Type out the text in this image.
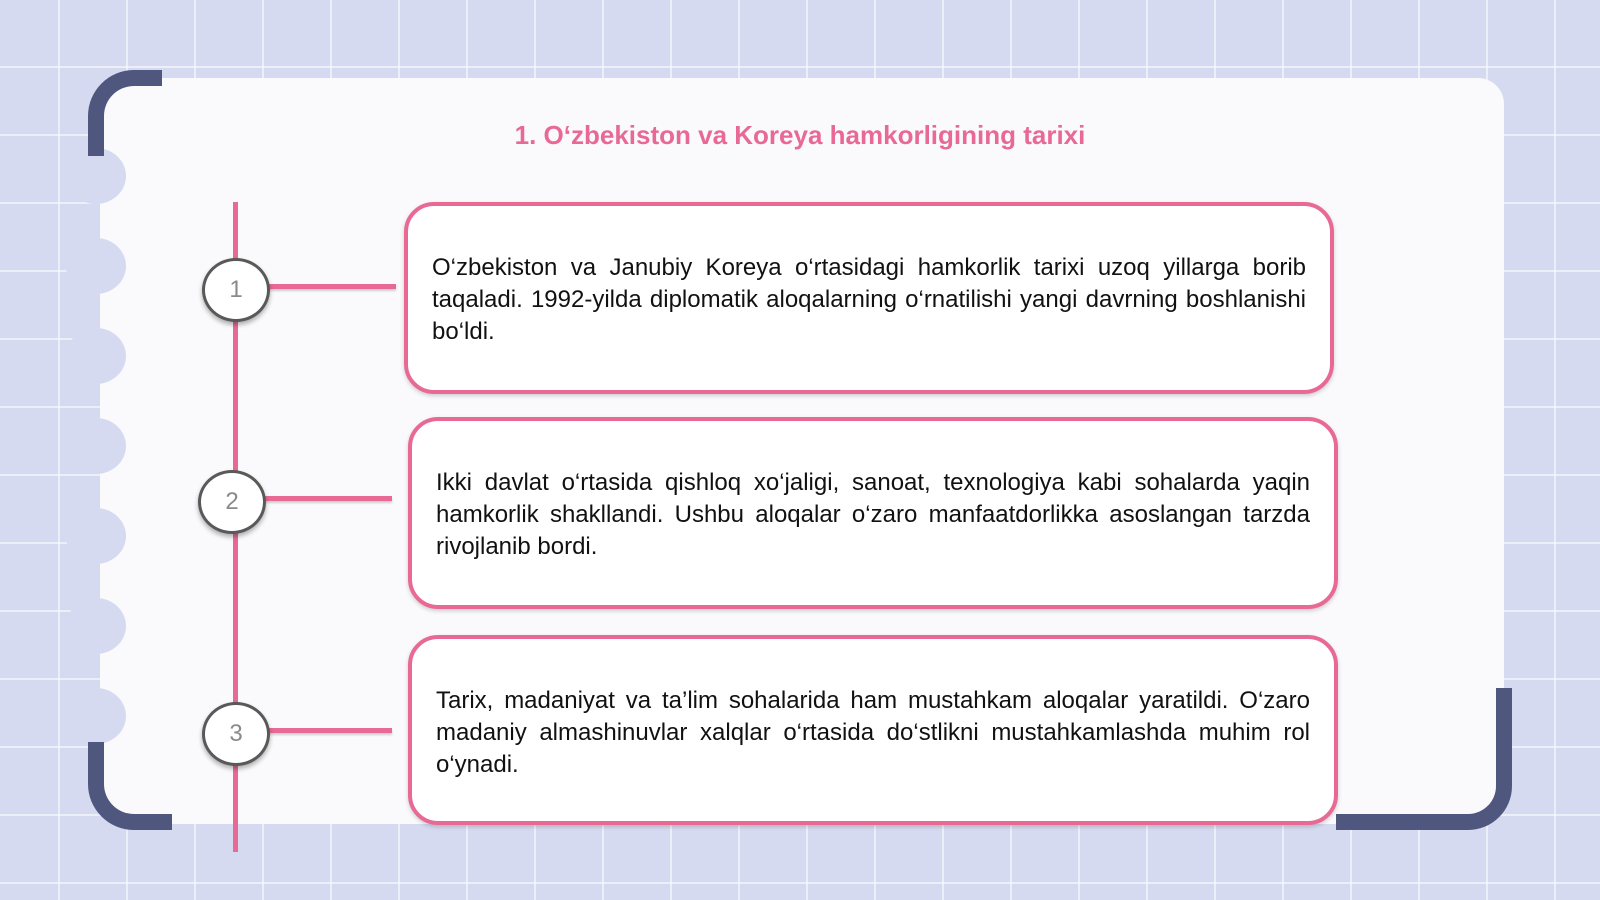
1. O‘zbekiston va Koreya hamkorligining tarixi
1

O‘zbekiston va Janubiy Koreya o‘rtasidagi hamkorlik tarixi uzoq yillarga borib taqaladi. 1992-yilda diplomatik aloqalarning o‘rnatilishi yangi davrning boshlanishi bo‘ldi.

2

Ikki davlat o‘rtasida qishloq xo‘jaligi, sanoat, texnologiya kabi sohalarda yaqin hamkorlik shakllandi. Ushbu aloqalar o‘zaro manfaatdorlikka asoslangan tarzda rivojlanib bordi.

3

Tarix, madaniyat va ta’lim sohalarida ham mustahkam aloqalar yaratildi. O‘zaro madaniy almashinuvlar xalqlar o‘rtasida do‘stlikni mustahkamlashda muhim rol o‘ynadi.
